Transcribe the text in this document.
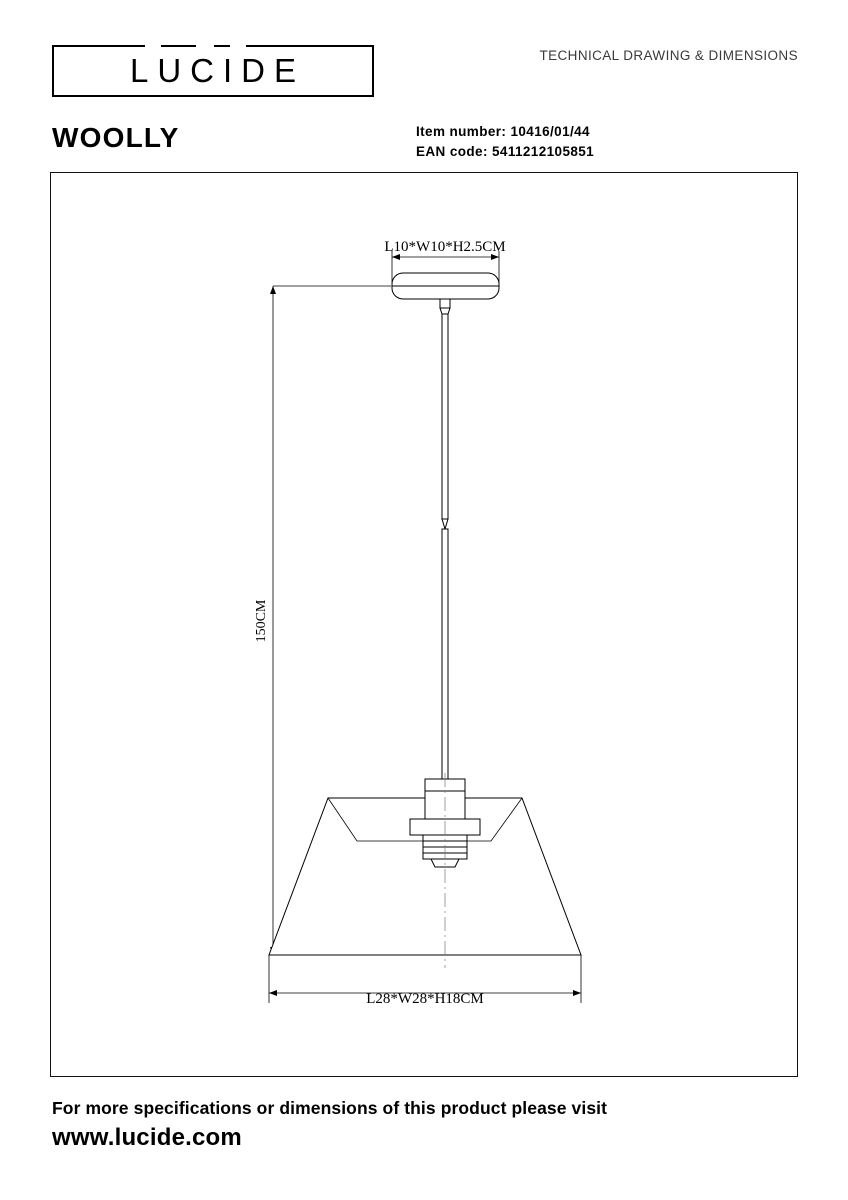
LUCIDE	TECHNICAL DRAWING & DIMENSIONS
WOOLLY	Item number: 10416/01/44
EAN code: 5411212105851
L10*W10*H2.5CM
150CM
L28*W28*H18CM
For more specifications or dimensions of this product please visit
www.lucide.com
